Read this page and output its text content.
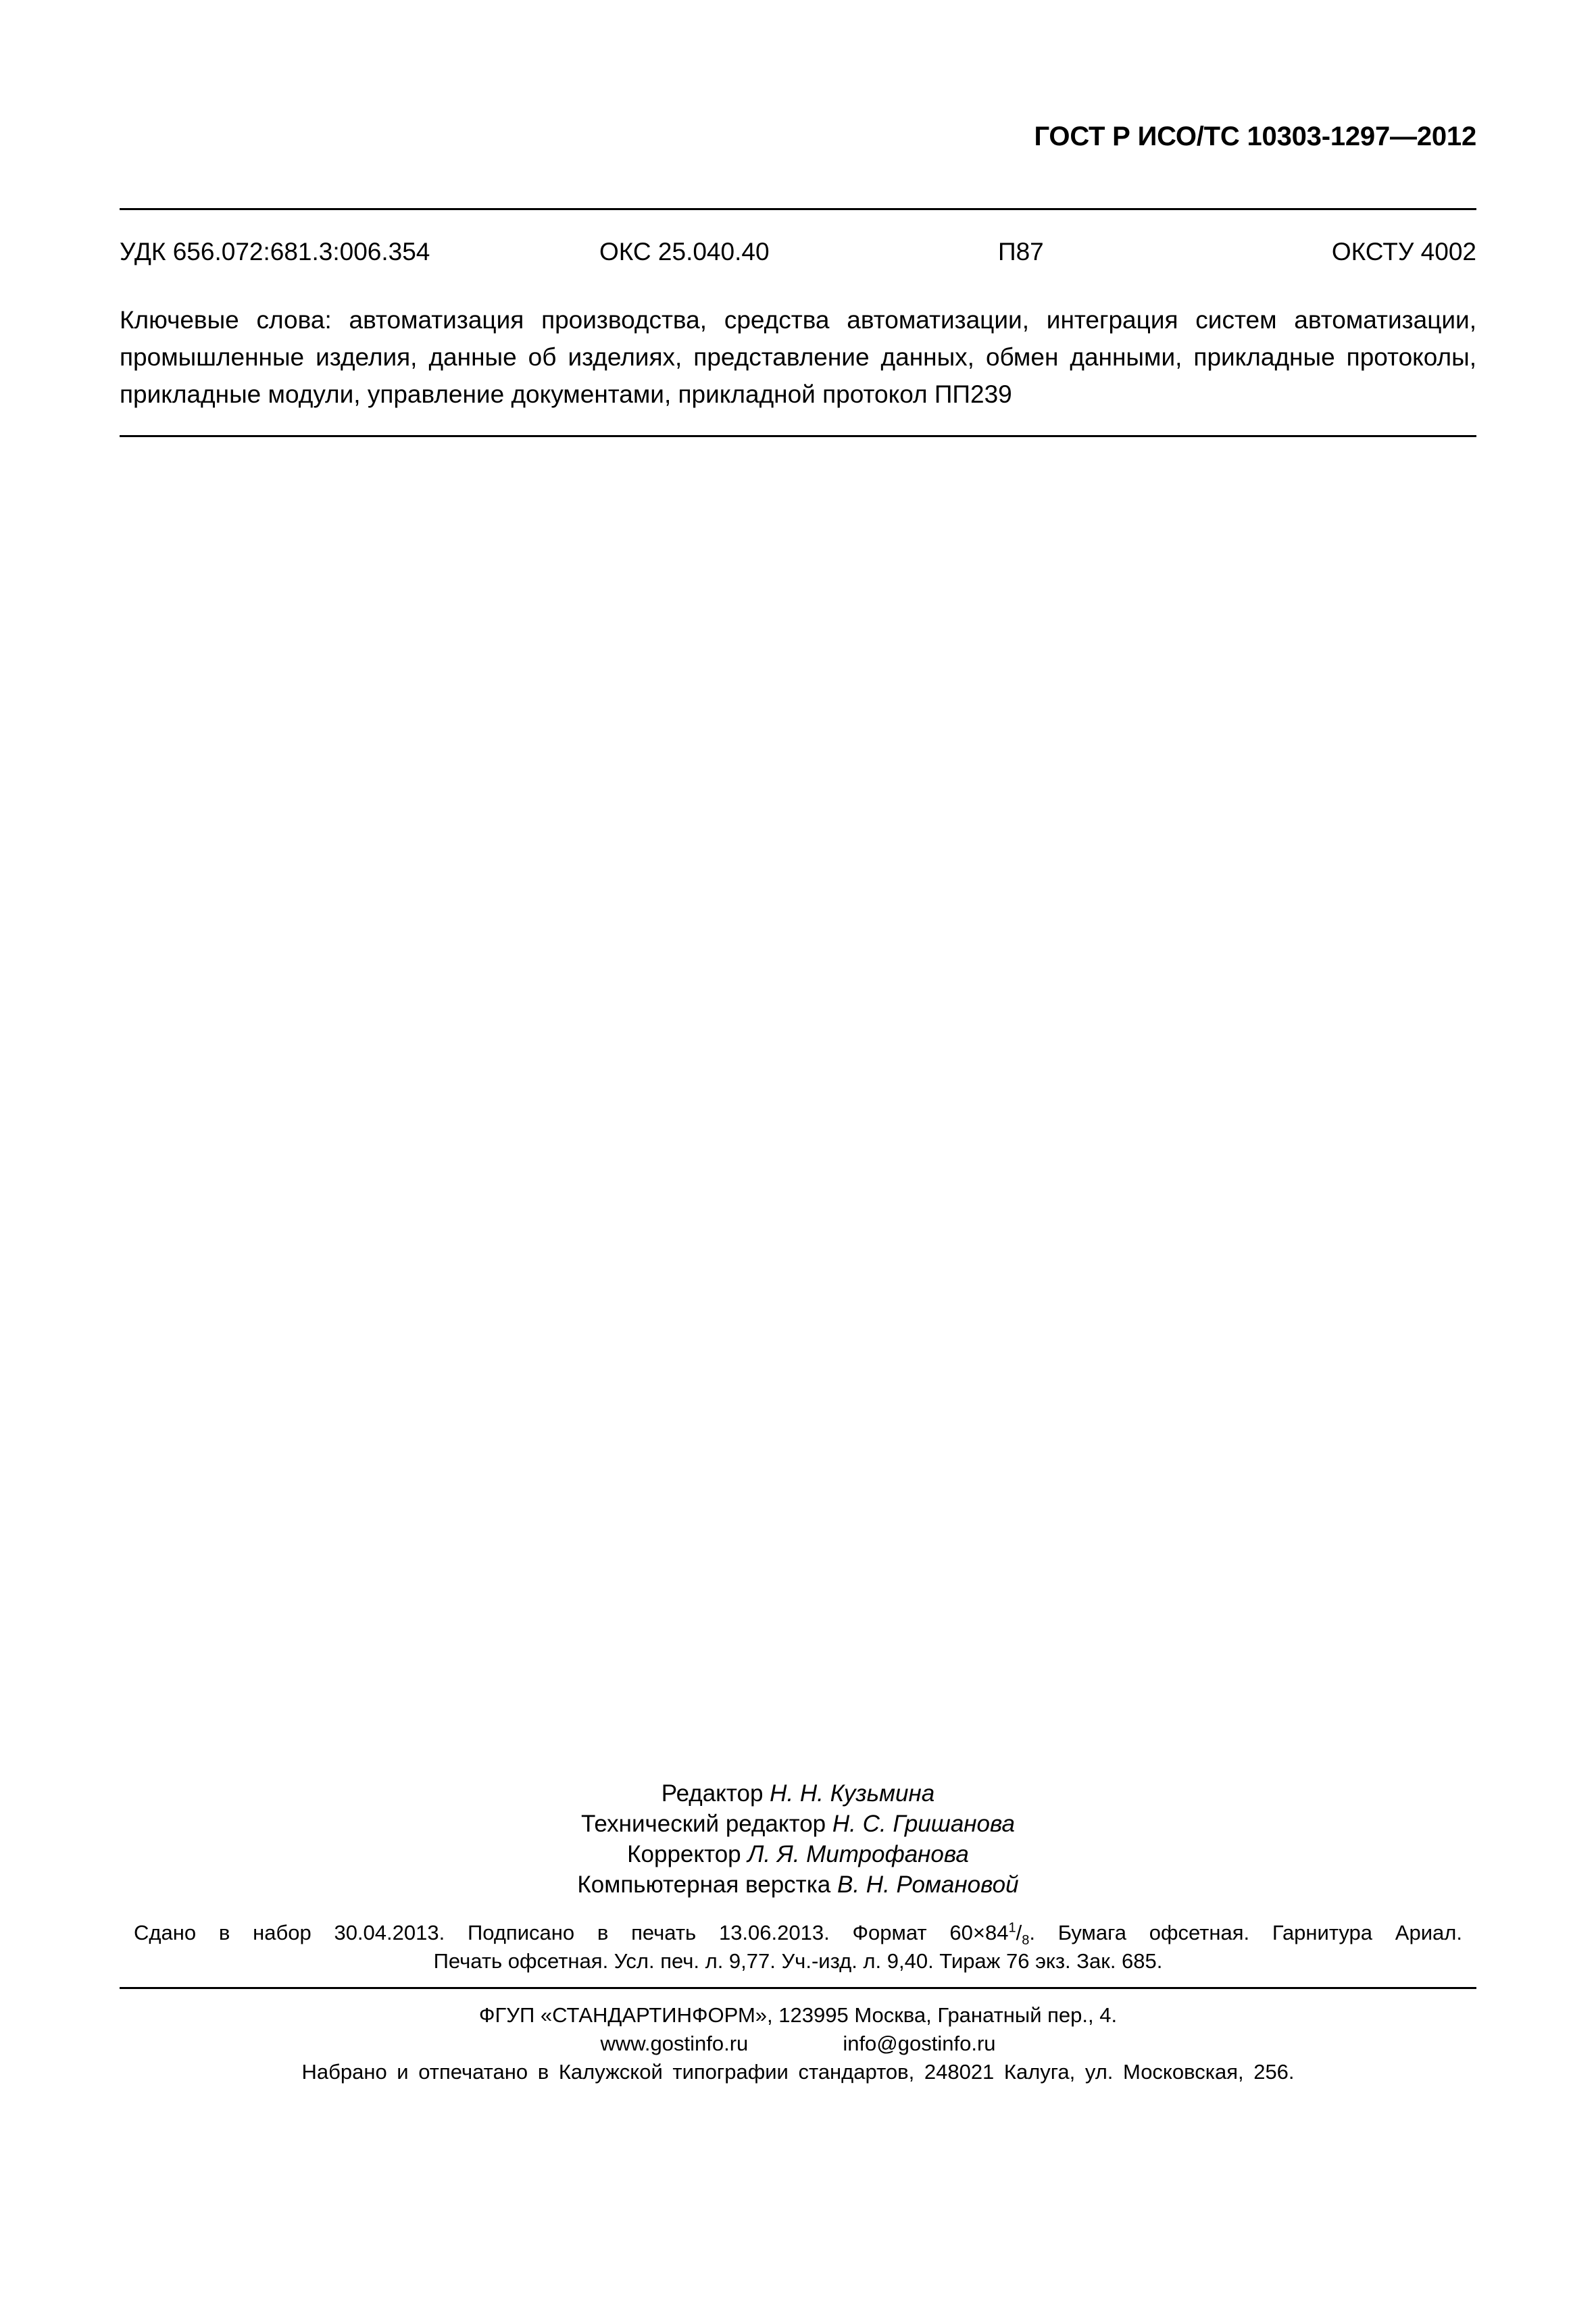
ГОСТ Р ИСО/ТС 10303-1297—2012
УДК 656.072:681.3:006.354	ОКС 25.040.40	П87	ОКСТУ 4002
Ключевые слова: автоматизация производства, средства автоматизации, интеграция систем автоматизации, промышленные изделия, данные об изделиях, представление данных, обмен данными, прикладные протоколы, прикладные модули, управление документами, прикладной протокол ПП239
Редактор Н. Н. Кузьмина
Технический редактор Н. С. Гришанова
Корректор Л. Я. Митрофанова
Компьютерная верстка В. Н. Романовой
Сдано в набор 30.04.2013. Подписано в печать 13.06.2013. Формат $60\times 84^1/_8$. Бумага офсетная. Гарнитура Ариал.
Печать офсетная. Усл. печ. л. 9,77. Уч.-изд. л. 9,40. Тираж 76 экз. Зак. 685.
ФГУП «СТАНДАРТИНФОРМ», 123995 Москва, Гранатный пер., 4.
www.gostinfo.ru	info@gostinfo.ru
Набрано и отпечатано в Калужской типографии стандартов, 248021 Калуга, ул. Московская, 256.
